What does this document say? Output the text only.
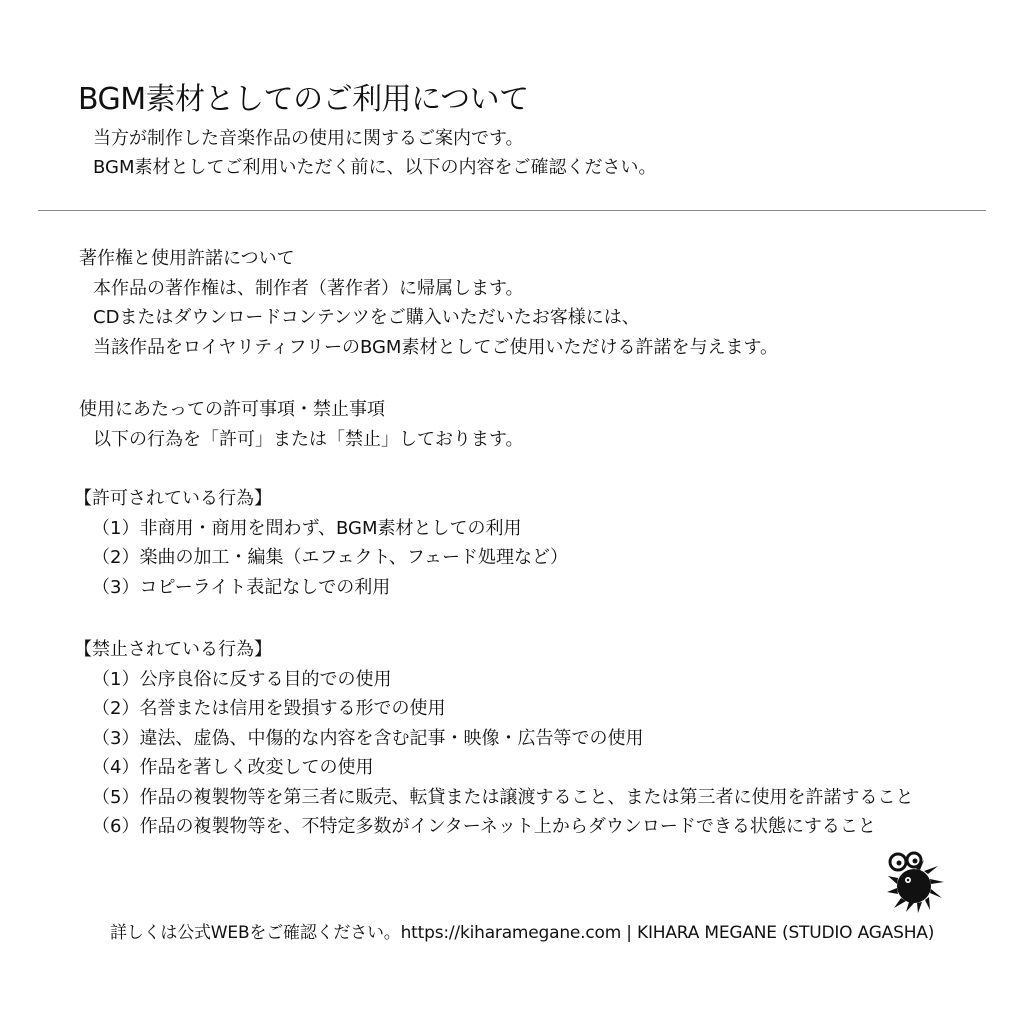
BGM素材としてのご利用について
当方が制作した音楽作品の使用に関するご案内です。
BGM素材としてご利用いただく前に、以下の内容をご確認ください。
著作権と使用許諾について
本作品の著作権は、制作者（著作者）に帰属します。
CDまたはダウンロードコンテンツをご購入いただいたお客様には、
当該作品をロイヤリティフリーのBGM素材としてご使用いただける許諾を与えます。
使用にあたっての許可事項・禁止事項
以下の行為を「許可」または「禁止」しております。
【許可されている行為】
（1）非商用・商用を問わず、BGM素材としての利用
（2）楽曲の加工・編集（エフェクト、フェード処理など）
（3）コピーライト表記なしでの利用
【禁止されている行為】
（1）公序良俗に反する目的での使用
（2）名誉または信用を毀損する形での使用
（3）違法、虚偽、中傷的な内容を含む記事・映像・広告等での使用
（4）作品を著しく改変しての使用
（5）作品の複製物等を第三者に販売、転貸または譲渡すること、または第三者に使用を許諾すること
（6）作品の複製物等を、不特定多数がインターネット上からダウンロードできる状態にすること
詳しくは公式WEBをご確認ください。https://kiharamegane.com | KIHARA MEGANE (STUDIO AGASHA)
